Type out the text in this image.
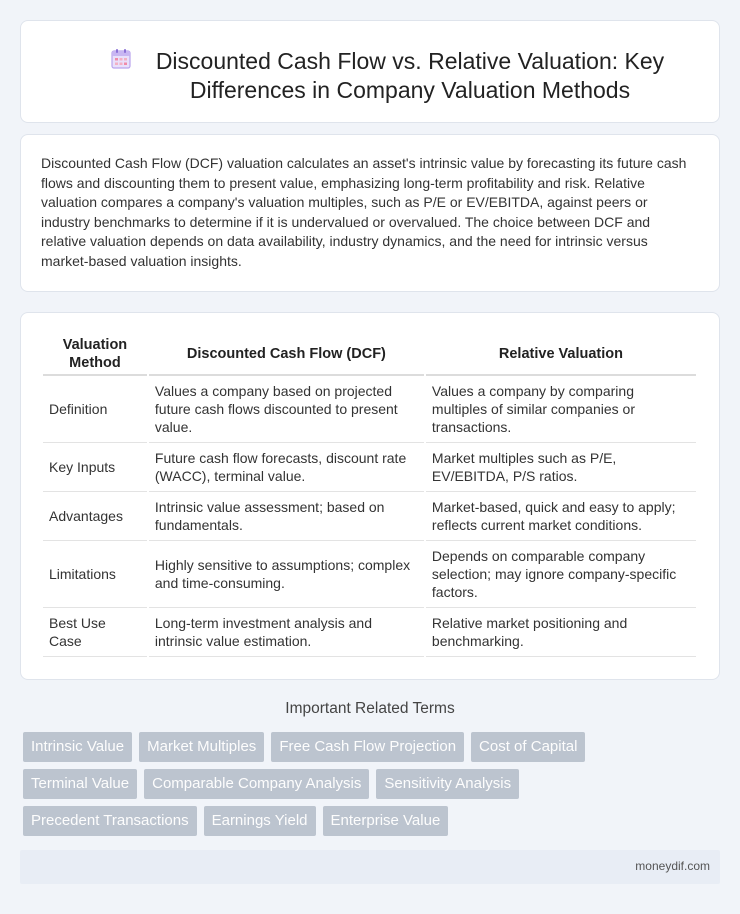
Discounted Cash Flow vs. Relative Valuation: Key Differences in Company Valuation Methods

Discounted Cash Flow (DCF) valuation calculates an asset's intrinsic value by forecasting its future cash flows and discounting them to present value, emphasizing long-term profitability and risk. Relative valuation compares a company's valuation multiples, such as P/E or EV/EBITDA, against peers or industry benchmarks to determine if it is undervalued or overvalued. The choice between DCF and relative valuation depends on data availability, industry dynamics, and the need for intrinsic versus market-based valuation insights.

Valuation Method	Discounted Cash Flow (DCF)	Relative Valuation
Definition	Values a company based on projected future cash flows discounted to present value.	Values a company by comparing multiples of similar companies or transactions.
Key Inputs	Future cash flow forecasts, discount rate (WACC), terminal value.	Market multiples such as P/E, EV/EBITDA, P/S ratios.
Advantages	Intrinsic value assessment; based on fundamentals.	Market-based, quick and easy to apply; reflects current market conditions.
Limitations	Highly sensitive to assumptions; complex and time-consuming.	Depends on comparable company selection; may ignore company-specific factors.
Best Use Case	Long-term investment analysis and intrinsic value estimation.	Relative market positioning and benchmarking.
Important Related Terms
Intrinsic Value	Market Multiples	Free Cash Flow Projection	Cost of Capital
Terminal Value	Comparable Company Analysis	Sensitivity Analysis
Precedent Transactions	Earnings Yield	Enterprise Value
moneydif.com
